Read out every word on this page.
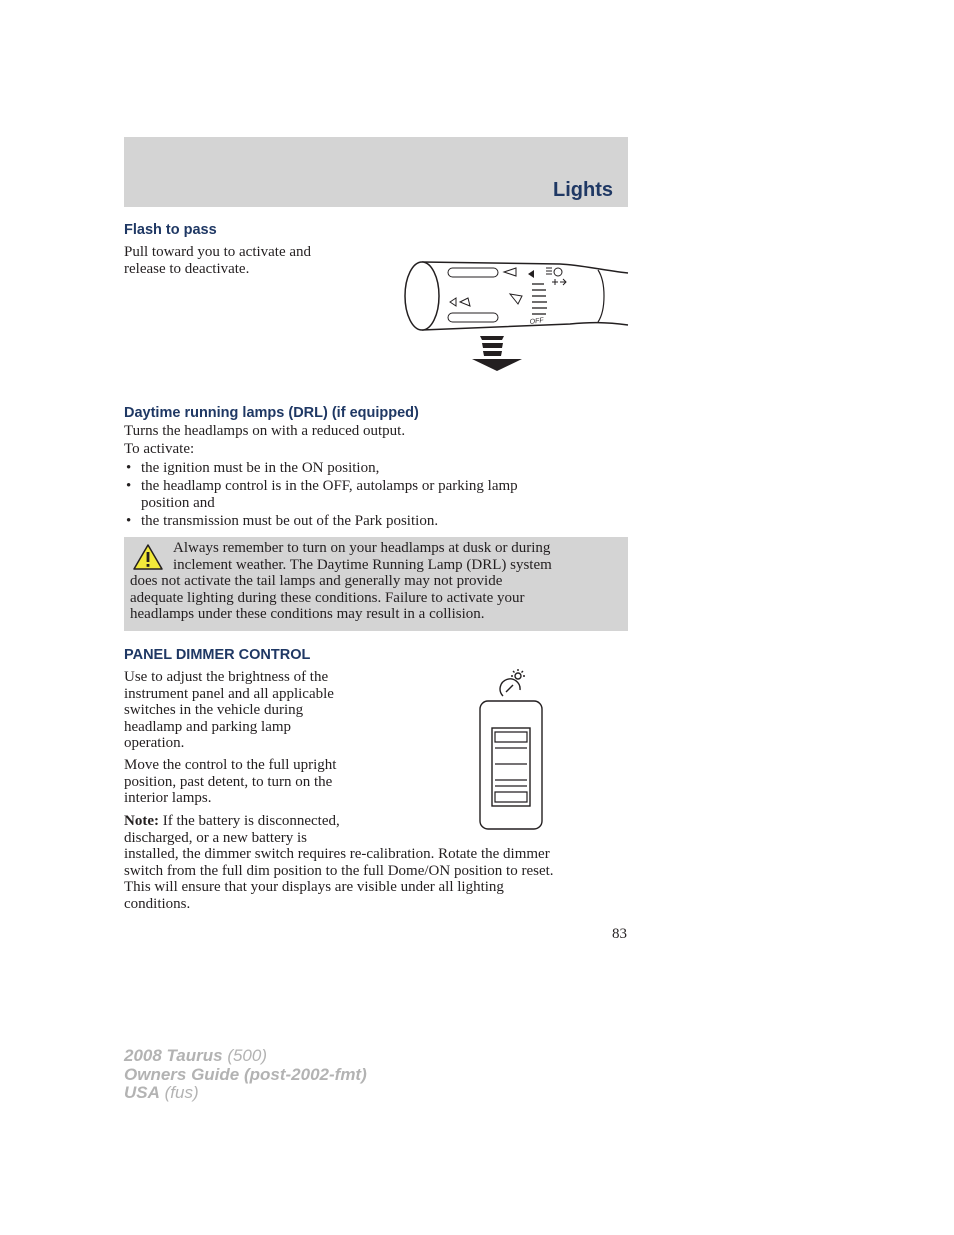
Lights
Flash to pass
Pull toward you to activate and
release to deactivate.
OFF
Daytime running lamps (DRL) (if equipped)
Turns the headlamps on with a reduced output.
To activate:
• the ignition must be in the ON position,
• the headlamp control is in the OFF, autolamps or parking lamp
position and
• the transmission must be out of the Park position.
Always remember to turn on your headlamps at dusk or during
inclement weather. The Daytime Running Lamp (DRL) system
does not activate the tail lamps and generally may not provide
adequate lighting during these conditions. Failure to activate your
headlamps under these conditions may result in a collision.
PANEL DIMMER CONTROL
Use to adjust the brightness of the
instrument panel and all applicable
switches in the vehicle during
headlamp and parking lamp
operation.
Move the control to the full upright
position, past detent, to turn on the
interior lamps.
Note: If the battery is disconnected,
discharged, or a new battery is
installed, the dimmer switch requires re-calibration. Rotate the dimmer
switch from the full dim position to the full Dome/ON position to reset.
This will ensure that your displays are visible under all lighting
conditions.
83
2008 Taurus (500)
Owners Guide (post-2002-fmt)
USA (fus)
